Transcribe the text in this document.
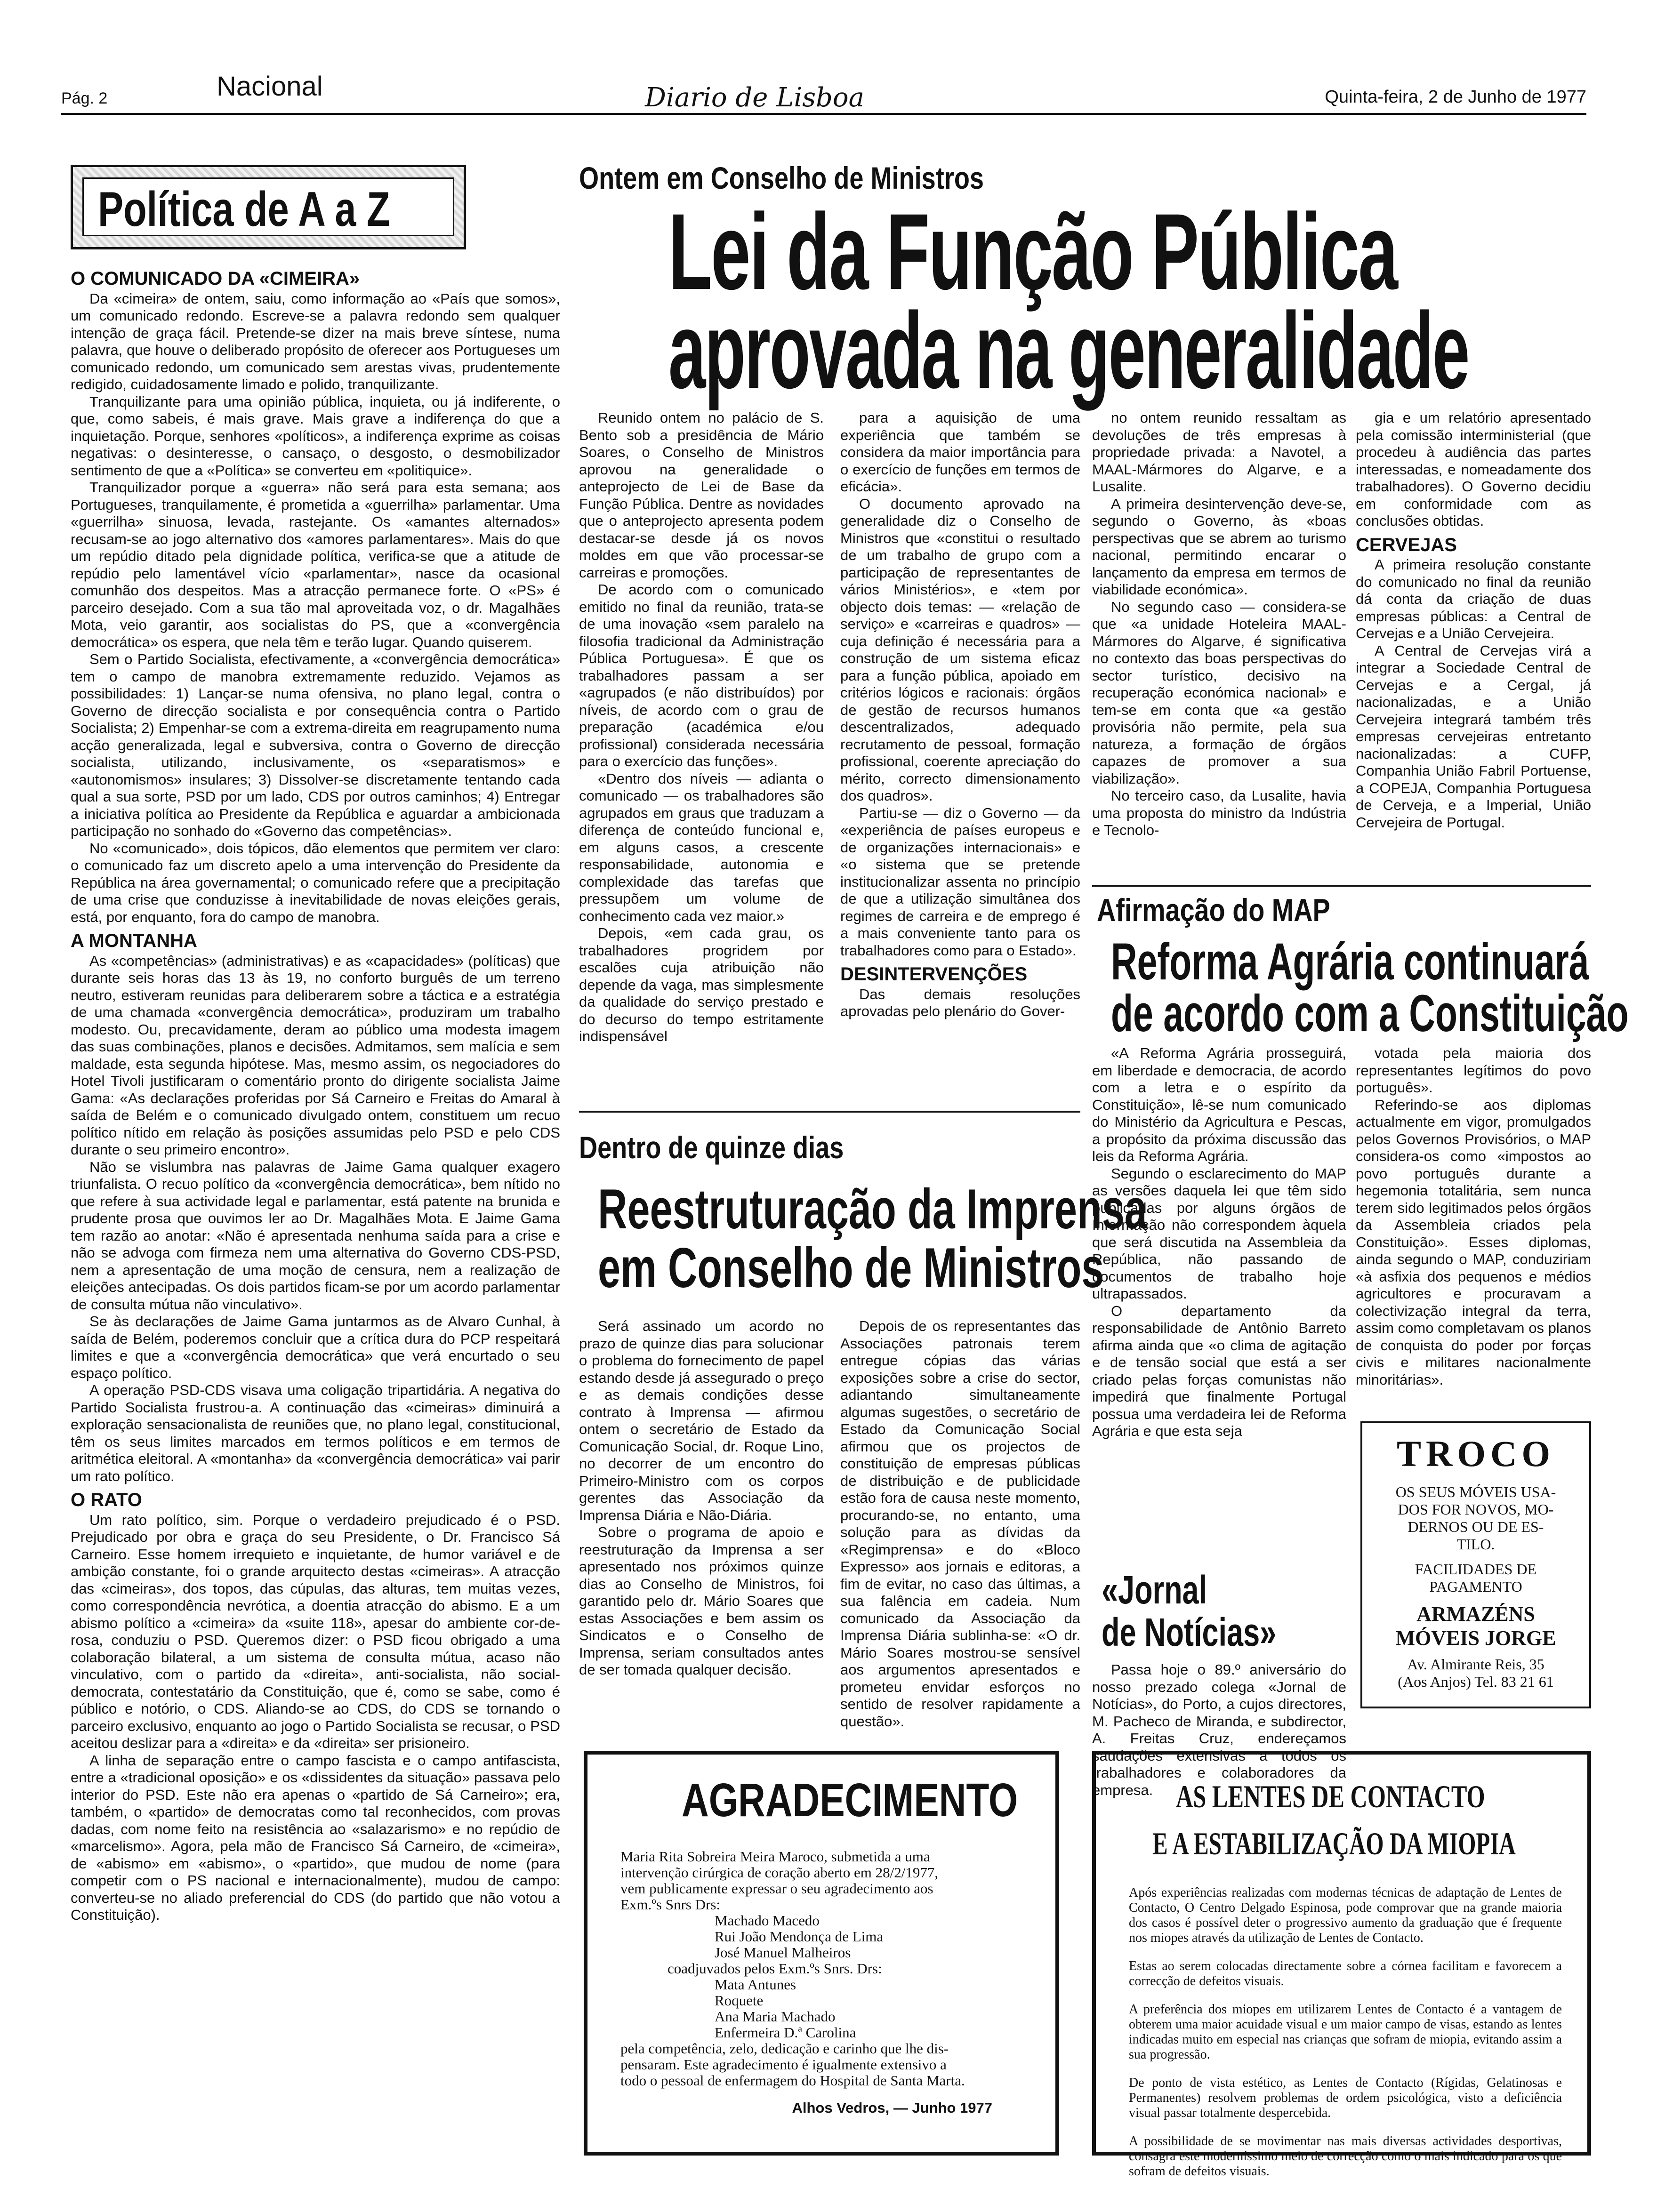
Pág. 2	Nacional	Diario de Lisboa	Quinta-feira, 2 de Junho de 1977
Política de A a Z
O COMUNICADO DA «CIMEIRA»

Da «cimeira» de ontem, saiu, como informação ao «País que somos», um comunicado redondo. Escreve-se a palavra redondo sem qualquer intenção de graça fácil. Pretende-se dizer na mais breve síntese, numa palavra, que houve o deliberado propósito de oferecer aos Portugueses um comunicado redondo, um comunicado sem arestas vivas, prudentemente redigido, cuidadosamente limado e polido, tranquilizante.

Tranquilizante para uma opinião pública, inquieta, ou já indiferente, o que, como sabeis, é mais grave. Mais grave a indiferença do que a inquietação. Porque, senhores «políticos», a indiferença exprime as coisas negativas: o desinteresse, o cansaço, o desgosto, o desmobilizador sentimento de que a «Política» se converteu em «politiquice».

Tranquilizador porque a «guerra» não será para esta semana; aos Portugueses, tranquilamente, é prometida a «guerrilha» parlamentar. Uma «guerrilha» sinuosa, levada, rastejante. Os «amantes alternados» recusam-se ao jogo alternativo dos «amores parlamentares». Mais do que um repúdio ditado pela dignidade política, verifica-se que a atitude de repúdio pelo lamentável vício «parlamentar», nasce da ocasional comunhão dos despeitos. Mas a atracção permanece forte. O «PS» é parceiro desejado. Com a sua tão mal aproveitada voz, o dr. Magalhães Mota, veio garantir, aos socialistas do PS, que a «convergência democrática» os espera, que nela têm e terão lugar. Quando quiserem.

Sem o Partido Socialista, efectivamente, a «convergência democrática» tem o campo de manobra extremamente reduzido. Vejamos as possibilidades: 1) Lançar-se numa ofensiva, no plano legal, contra o Governo de direcção socialista e por consequência contra o Partido Socialista; 2) Empenhar-se com a extrema-direita em reagrupamento numa acção generalizada, legal e subversiva, contra o Governo de direcção socialista, utilizando, inclusivamente, os «separatismos» e «autonomismos» insulares; 3) Dissolver-se discretamente tentando cada qual a sua sorte, PSD por um lado, CDS por outros caminhos; 4) Entregar a iniciativa política ao Presidente da República e aguardar a ambicionada participação no sonhado do «Governo das competências».

No «comunicado», dois tópicos, dão elementos que permitem ver claro: o comunicado faz um discreto apelo a uma intervenção do Presidente da República na área governamental; o comunicado refere que a precipitação de uma crise que conduzisse à inevitabilidade de novas eleições gerais, está, por enquanto, fora do campo de manobra.

A MONTANHA

As «competências» (administrativas) e as «capacidades» (políticas) que durante seis horas das 13 às 19, no conforto burguês de um terreno neutro, estiveram reunidas para deliberarem sobre a táctica e a estratégia de uma chamada «convergência democrática», produziram um trabalho modesto. Ou, precavidamente, deram ao público uma modesta imagem das suas combinações, planos e decisões. Admitamos, sem malícia e sem maldade, esta segunda hipótese. Mas, mesmo assim, os negociadores do Hotel Tivoli justificaram o comentário pronto do dirigente socialista Jaime Gama: «As declarações proferidas por Sá Carneiro e Freitas do Amaral à saída de Belém e o comunicado divulgado ontem, constituem um recuo político nítido em relação às posições assumidas pelo PSD e pelo CDS durante o seu primeiro encontro».

Não se vislumbra nas palavras de Jaime Gama qualquer exagero triunfalista. O recuo político da «convergência democrática», bem nítido no que refere à sua actividade legal e parlamentar, está patente na brunida e prudente prosa que ouvimos ler ao Dr. Magalhães Mota. E Jaime Gama tem razão ao anotar: «Não é apresentada nenhuma saída para a crise e não se advoga com firmeza nem uma alternativa do Governo CDS-PSD, nem a apresentação de uma moção de censura, nem a realização de eleições antecipadas. Os dois partidos ficam-se por um acordo parlamentar de consulta mútua não vinculativo».

Se às declarações de Jaime Gama juntarmos as de Alvaro Cunhal, à saída de Belém, poderemos concluir que a crítica dura do PCP respeitará limites e que a «convergência democrática» que verá encurtado o seu espaço político.

A operação PSD-CDS visava uma coligação tripartidária. A negativa do Partido Socialista frustrou-a. A continuação das «cimeiras» diminuirá a exploração sensacionalista de reuniões que, no plano legal, constitucional, têm os seus limites marcados em termos políticos e em termos de aritmética eleitoral. A «montanha» da «convergência democrática» vai parir um rato político.

O RATO

Um rato político, sim. Porque o verdadeiro prejudicado é o PSD. Prejudicado por obra e graça do seu Presidente, o Dr. Francisco Sá Carneiro. Esse homem irrequieto e inquietante, de humor variável e de ambição constante, foi o grande arquitecto destas «cimeiras». A atracção das «cimeiras», dos topos, das cúpulas, das alturas, tem muitas vezes, como correspondência nevrótica, a doentia atracção do abismo. E a um abismo político a «cimeira» da «suite 118», apesar do ambiente cor-de-rosa, conduziu o PSD. Queremos dizer: o PSD ficou obrigado a uma colaboração bilateral, a um sistema de consulta mútua, acaso não vinculativo, com o partido da «direita», anti-socialista, não social-democrata, contestatário da Constituição, que é, como se sabe, como é público e notório, o CDS. Aliando-se ao CDS, do CDS se tornando o parceiro exclusivo, enquanto ao jogo o Partido Socialista se recusar, o PSD aceitou deslizar para a «direita» e da «direita» ser prisioneiro.

A linha de separação entre o campo fascista e o campo antifascista, entre a «tradicional oposição» e os «dissidentes da situação» passava pelo interior do PSD. Este não era apenas o «partido de Sá Carneiro»; era, também, o «partido» de democratas como tal reconhecidos, com provas dadas, com nome feito na resistência ao «salazarismo» e no repúdio de «marcelismo». Agora, pela mão de Francisco Sá Carneiro, de «cimeira», de «abismo» em «abismo», o «partido», que mudou de nome (para competir com o PS nacional e internacionalmente), mudou de campo: converteu-se no aliado preferencial do CDS (do partido que não votou a Constituição).

Ontem em Conselho de Ministros
Lei da Função Pública
aprovada na generalidade

Reunido ontem no palácio de S. Bento sob a presidência de Mário Soares, o Conselho de Ministros aprovou na generalidade o anteprojecto de Lei de Base da Função Pública. Dentre as novidades que o anteprojecto apresenta podem destacar-se desde já os novos moldes em que vão processar-se carreiras e promoções.

De acordo com o comunicado emitido no final da reunião, trata-se de uma inovação «sem paralelo na filosofia tradicional da Administração Pública Portuguesa». É que os trabalhadores passam a ser «agrupados (e não distribuídos) por níveis, de acordo com o grau de preparação (académica e/ou profissional) considerada necessária para o exercício das funções».

«Dentro dos níveis — adianta o comunicado — os trabalhadores são agrupados em graus que traduzam a diferença de conteúdo funcional e, em alguns casos, a crescente responsabilidade, autonomia e complexidade das tarefas que pressupõem um volume de conhecimento cada vez maior.»

Depois, «em cada grau, os trabalhadores progridem por escalões cuja atribuição não depende da vaga, mas simplesmente da qualidade do serviço prestado e do decurso do tempo estritamente indispensável

para a aquisição de uma experiência que também se considera da maior importância para o exercício de funções em termos de eficácia».

O documento aprovado na generalidade diz o Conselho de Ministros que «constitui o resultado de um trabalho de grupo com a participação de representantes de vários Ministérios», e «tem por objecto dois temas: — «relação de serviço» e «carreiras e quadros» — cuja definição é necessária para a construção de um sistema eficaz para a função pública, apoiado em critérios lógicos e racionais: órgãos de gestão de recursos humanos descentralizados, adequado recrutamento de pessoal, formação profissional, coerente apreciação do mérito, correcto dimensionamento dos quadros».

Partiu-se — diz o Governo — da «experiência de países europeus e de organizações internacionais» e «o sistema que se pretende institucionalizar assenta no princípio de que a utilização simultânea dos regimes de carreira e de emprego é a mais conveniente tanto para os trabalhadores como para o Estado».

DESINTERVENÇÕES

Das demais resoluções aprovadas pelo plenário do Gover-

no ontem reunido ressaltam as devoluções de três empresas à propriedade privada: a Navotel, a MAAL-Mármores do Algarve, e a Lusalite.

A primeira desintervenção deve-se, segundo o Governo, às «boas perspectivas que se abrem ao turismo nacional, permitindo encarar o lançamento da empresa em termos de viabilidade económica».

No segundo caso — considera-se que «a unidade Hoteleira MAAL-Mármores do Algarve, é significativa no contexto das boas perspectivas do sector turístico, decisivo na recuperação económica nacional» e tem-se em conta que «a gestão provisória não permite, pela sua natureza, a formação de órgãos capazes de promover a sua viabilização».

No terceiro caso, da Lusalite, havia uma proposta do ministro da Indústria e Tecnolo-

gia e um relatório apresentado pela comissão interministerial (que procedeu à audiência das partes interessadas, e nomeadamente dos trabalhadores). O Governo decidiu em conformidade com as conclusões obtidas.

CERVEJAS

A primeira resolução constante do comunicado no final da reunião dá conta da criação de duas empresas públicas: a Central de Cervejas e a União Cervejeira.

A Central de Cervejas virá a integrar a Sociedade Central de Cervejas e a Cergal, já nacionalizadas, e a União Cervejeira integrará também três empresas cervejeiras entretanto nacionalizadas: a CUFP, Companhia União Fabril Portuense, a COPEJA, Companhia Portuguesa de Cerveja, e a Imperial, União Cervejeira de Portugal.

Dentro de quinze dias
Reestruturação da Imprensa
em Conselho de Ministros

Será assinado um acordo no prazo de quinze dias para solucionar o problema do fornecimento de papel estando desde já assegurado o preço e as demais condições desse contrato à Imprensa — afirmou ontem o secretário de Estado da Comunicação Social, dr. Roque Lino, no decorrer de um encontro do Primeiro-Ministro com os corpos gerentes das Associação da Imprensa Diária e Não-Diária.

Sobre o programa de apoio e reestruturação da Imprensa a ser apresentado nos próximos quinze dias ao Conselho de Ministros, foi garantido pelo dr. Mário Soares que estas Associações e bem assim os Sindicatos e o Conselho de Imprensa, seriam consultados antes de ser tomada qualquer decisão.

Depois de os representantes das Associações patronais terem entregue cópias das várias exposições sobre a crise do sector, adiantando simultaneamente algumas sugestões, o secretário de Estado da Comunicação Social afirmou que os projectos de constituição de empresas públicas de distribuição e de publicidade estão fora de causa neste momento, procurando-se, no entanto, uma solução para as dívidas da «Regimprensa» e do «Bloco Expresso» aos jornais e editoras, a fim de evitar, no caso das últimas, a sua falência em cadeia. Num comunicado da Associação da Imprensa Diária sublinha-se: «O dr. Mário Soares mostrou-se sensível aos argumentos apresentados e prometeu envidar esforços no sentido de resolver rapidamente a questão».

Afirmação do MAP
Reforma Agrária continuará
de acordo com a Constituição

«A Reforma Agrária prosseguirá, em liberdade e democracia, de acordo com a letra e o espírito da Constituição», lê-se num comunicado do Ministério da Agricultura e Pescas, a propósito da próxima discussão das leis da Reforma Agrária.

Segundo o esclarecimento do MAP as versões daquela lei que têm sido publicadas por alguns órgãos de Informação não correspondem àquela que será discutida na Assembleia da República, não passando de documentos de trabalho hoje ultrapassados.

O departamento da responsabilidade de Antônio Barreto afirma ainda que «o clima de agitação e de tensão social que está a ser criado pelas forças comunistas não impedirá que finalmente Portugal possua uma verdadeira lei de Reforma Agrária e que esta seja

votada pela maioria dos representantes legítimos do povo português».

Referindo-se aos diplomas actualmente em vigor, promulgados pelos Governos Provisórios, o MAP considera-os como «impostos ao povo português durante a hegemonia totalitária, sem nunca terem sido legitimados pelos órgãos da Assembleia criados pela Constituição». Esses diplomas, ainda segundo o MAP, conduziriam «à asfixia dos pequenos e médios agricultores e procuravam a colectivização integral da terra, assim como completavam os planos de conquista do poder por forças civis e militares nacionalmente minoritárias».

«Jornal
de Notícias»

Passa hoje o 89.º aniversário do nosso prezado colega «Jornal de Notícias», do Porto, a cujos directores, M. Pacheco de Miranda, e subdirector, A. Freitas Cruz, endereçamos saudações extensivas a todos os trabalhadores e colaboradores da empresa.

TROCO
OS SEUS MÓVEIS USA-
DOS FOR NOVOS, MO-
DERNOS OU DE ES-
TILO.
FACILIDADES DE
PAGAMENTO
ARMAZÉNS
MÓVEIS JORGE
Av. Almirante Reis, 35
(Aos Anjos) Tel. 83 21 61
AGRADECIMENTO
Maria Rita Sobreira Meira Maroco, submetida a uma
intervenção cirúrgica de coração aberto em 28/2/1977,
vem publicamente expressar o seu agradecimento aos
Exm.ºs Snrs Drs:
Machado Macedo
Rui João Mendonça de Lima
José Manuel Malheiros
coadjuvados pelos Exm.ºs Snrs. Drs:
Mata Antunes
Roquete
Ana Maria Machado
Enfermeira D.ª Carolina
pela competência, zelo, dedicação e carinho que lhe dis-
pensaram. Este agradecimento é igualmente extensivo a
todo o pessoal de enfermagem do Hospital de Santa Marta.
Alhos Vedros, — Junho 1977
AS LENTES DE CONTACTO
E A ESTABILIZAÇÃO DA MIOPIA

Após experiências realizadas com modernas técnicas de adaptação de Lentes de Contacto, O Centro Delgado Espinosa, pode comprovar que na grande maioria dos casos é possível deter o progressivo aumento da graduação que é frequente nos miopes através da utilização de Lentes de Contacto.

Estas ao serem colocadas directamente sobre a córnea facilitam e favorecem a correcção de defeitos visuais.

A preferência dos miopes em utilizarem Lentes de Contacto é a vantagem de obterem uma maior acuidade visual e um maior campo de visas, estando as lentes indicadas muito em especial nas crianças que sofram de miopia, evitando assim a sua progressão.

De ponto de vista estético, as Lentes de Contacto (Rígidas, Gelatinosas e Permanentes) resolvem problemas de ordem psicológica, visto a deficiência visual passar totalmente despercebida.

A possibilidade de se movimentar nas mais diversas actividades desportivas, consagra este moderníssimo meio de correcção como o mais indicado para os que sofram de defeitos visuais.
